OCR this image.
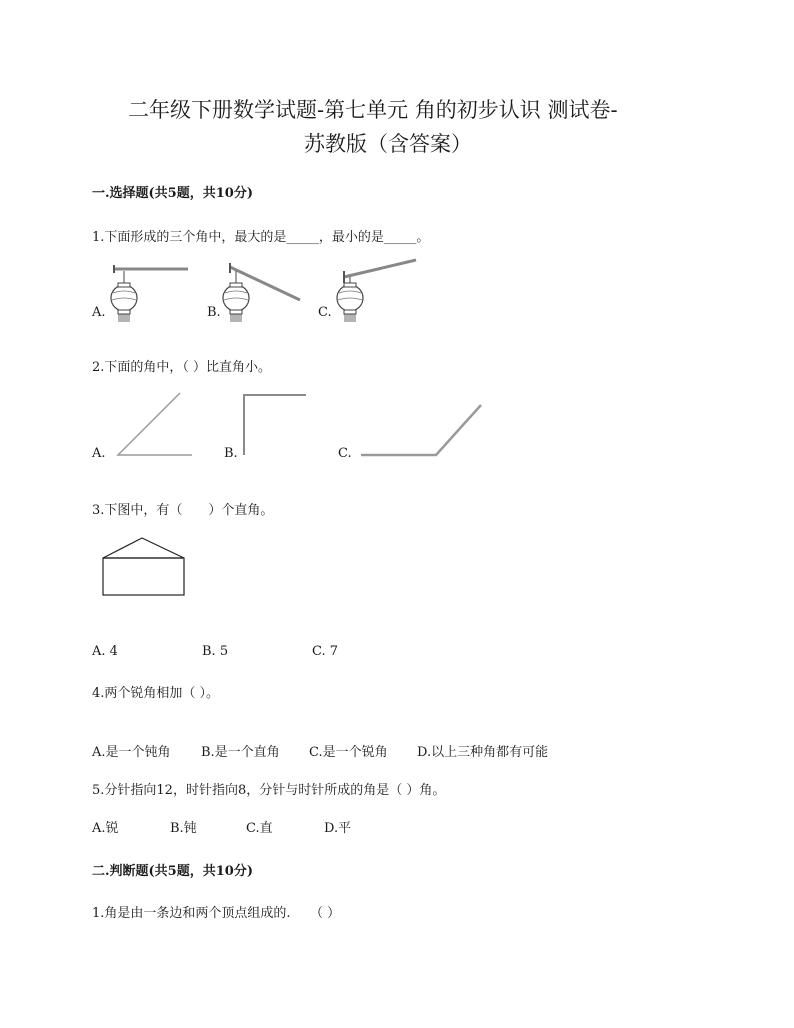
二年级下册数学试题-第七单元 角的初步认识 测试卷-
苏教版（含答案）
一.选择题(共5题，共10分)
1.下面形成的三个角中，最大的是_____，最小的是_____。
A.	B.	C.
2.下面的角中，（ ）比直角小。
A.	B.	C.
3.下图中，有（　　）个直角。
A. 4	B. 5	C. 7
4.两个锐角相加（ ）。
A.是一个钝角 B.是一个直角 C.是一个锐角 D.以上三种角都有可能
5.分针指向12，时针指向8，分针与时针所成的角是（ ）角。
A.锐	B.钝	C.直	D.平
二.判断题(共5题，共10分)
1.角是由一条边和两个顶点组成的.　　（ ）
